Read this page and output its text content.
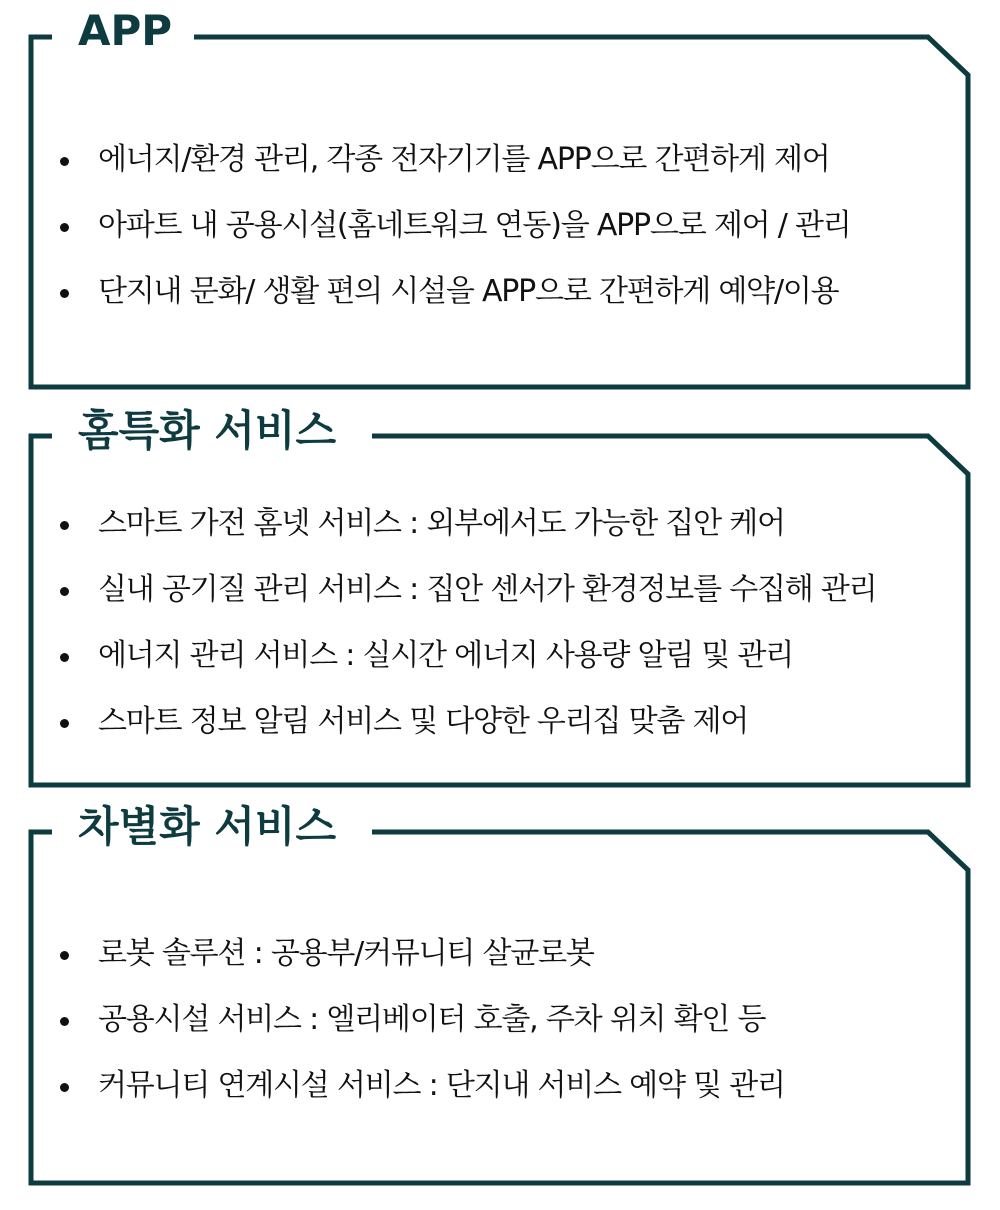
APP
에너지/환경 관리, 각종 전자기기를 APP으로 간편하게 제어
아파트 내 공용시설(홈네트워크 연동)을 APP으로 제어 / 관리
단지내 문화/ 생활 편의 시설을 APP으로 간편하게 예약/이용
홈특화 서비스
스마트 가전 홈넷 서비스 : 외부에서도 가능한 집안 케어
실내 공기질 관리 서비스 : 집안 센서가 환경정보를 수집해 관리
에너지 관리 서비스 : 실시간 에너지 사용량 알림 및 관리
스마트 정보 알림 서비스 및 다양한 우리집 맞춤 제어
차별화 서비스
로봇 솔루션 : 공용부/커뮤니티 살균로봇
공용시설 서비스 : 엘리베이터 호출, 주차 위치 확인 등
커뮤니티 연계시설 서비스 : 단지내 서비스 예약 및 관리
